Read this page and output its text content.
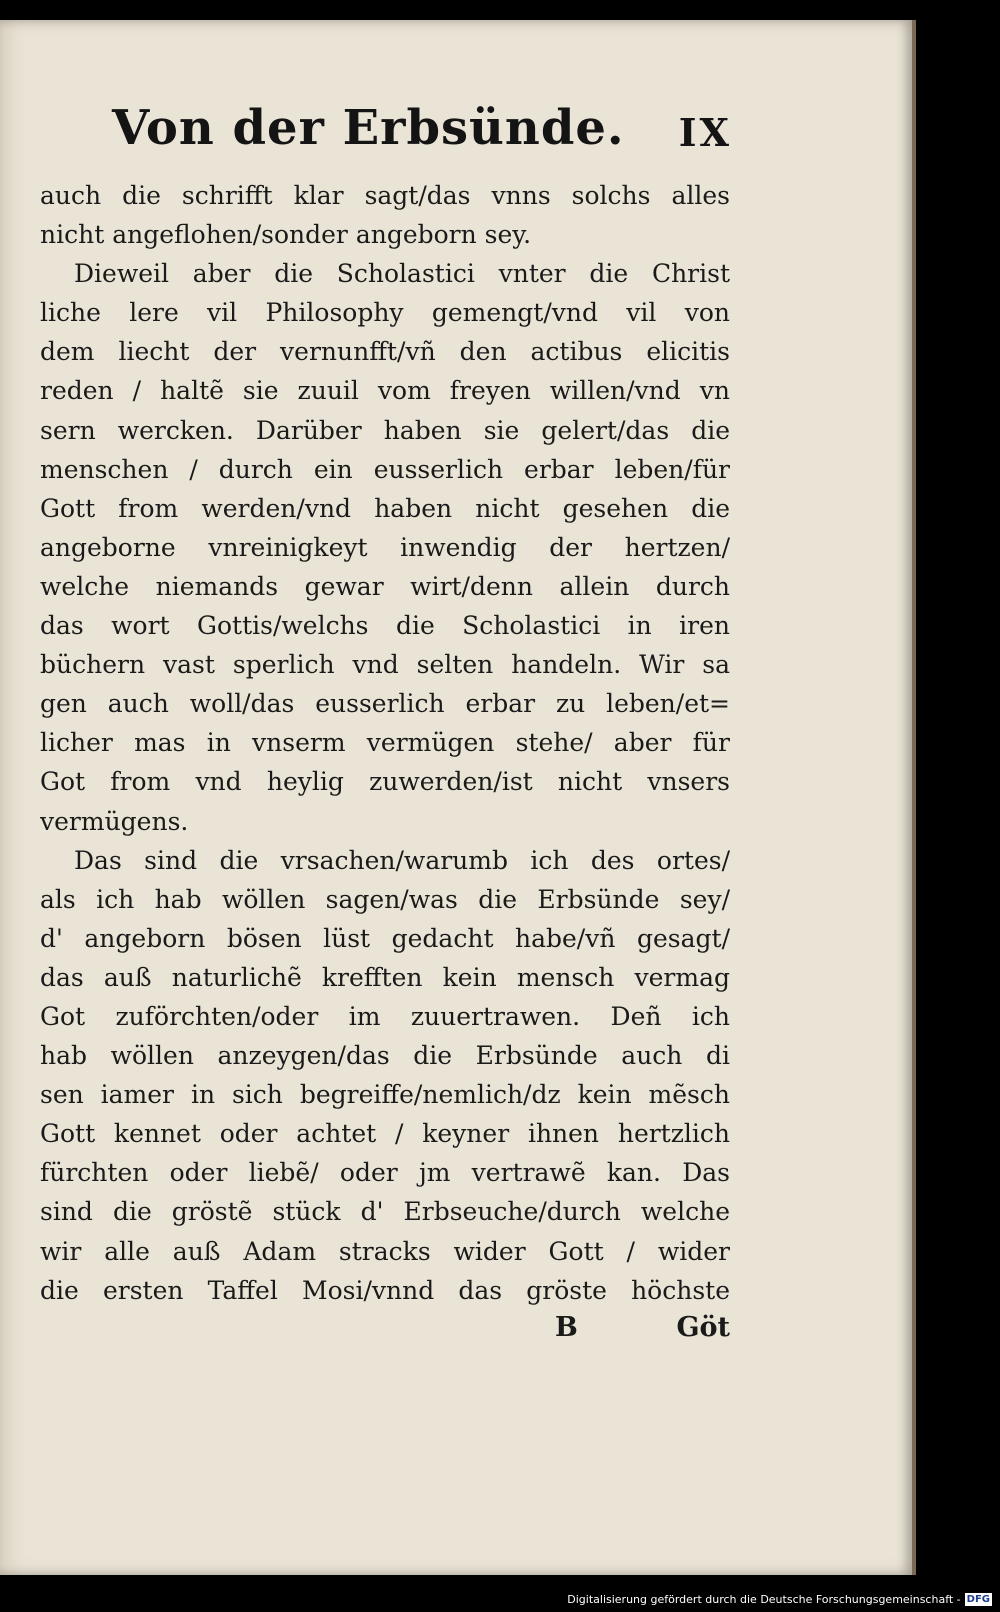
Von der Erbsünde. IX
auch die schrifft klar sagt/das vnns solchs alles
nicht angeflohen/sonder angeborn sey.
Dieweil aber die Scholastici vnter die Christ
liche lere vil Philosophy gemengt/vnd vil von
dem liecht der vernunfft/vñ den actibus elicitis
reden / haltẽ sie zuuil vom freyen willen/vnd vn
sern wercken. Darüber haben sie gelert/das die
menschen / durch ein eusserlich erbar leben/für
Gott from werden/vnd haben nicht gesehen die
angeborne vnreinigkeyt inwendig der hertzen/
welche niemands gewar wirt/denn allein durch
das wort Gottis/welchs die Scholastici in iren
büchern vast sperlich vnd selten handeln. Wir sa
gen auch woll/das eusserlich erbar zu leben/et=
licher mas in vnserm vermügen stehe/ aber für
Got from vnd heylig zuwerden/ist nicht vnsers
vermügens.
Das sind die vrsachen/warumb ich des ortes/
als ich hab wöllen sagen/was die Erbsünde sey/
d' angeborn bösen lüst gedacht habe/vñ gesagt/
das auß naturlichẽ krefften kein mensch vermag
Got zuförchten/oder im zuuertrawen. Deñ ich
hab wöllen anzeygen/das die Erbsünde auch di
sen iamer in sich begreiffe/nemlich/dz kein mẽsch
Gott kennet oder achtet / keyner ihnen hertzlich
fürchten oder liebẽ/ oder jm vertrawẽ kan. Das
sind die gröstẽ stück d' Erbseuche/durch welche
wir alle auß Adam stracks wider Gott / wider
die ersten Taffel Mosi/vnnd das gröste höchste
B	Göt
Digitalisierung gefördert durch die Deutsche Forschungsgemeinschaft - DFG
